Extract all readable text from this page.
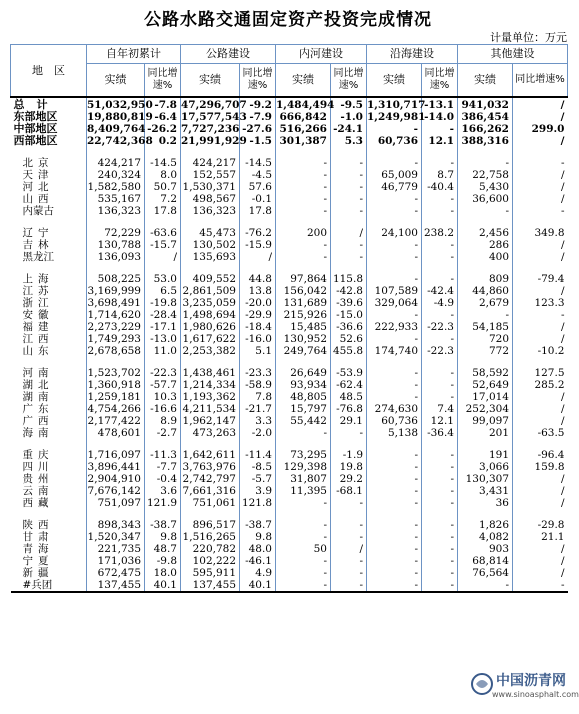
公路水路交通固定资产投资完成情况
计量单位：万元
地　区	自年初累计		公路建设		内河建设		沿海建设		其他建设	
	实绩	同比增速%	实绩	同比增速%	实绩	同比增速%	实绩	同比增速%	实绩	同比增速%
总计	51,032,950	-7.8	47,296,707	-9.2	1,484,494	-9.5	1,310,717	-13.1	941,032	/
东部地区	19,880,819	-6.4	17,577,543	-7.9	666,842	-1.0	1,249,981	-14.0	386,454	/
中部地区	8,409,764	-26.2	7,727,236	-27.6	516,266	-24.1	-	-	166,262	299.0
西部地区	22,742,368	0.2	21,991,929	-1.5	301,387	5.3	60,736	12.1	388,316	/

北京	424,217	-14.5	424,217	-14.5	-	-	-	-	-	-
天津	240,324	8.0	152,557	-4.5	-	-	65,009	8.7	22,758	/
河北	1,582,580	50.7	1,530,371	57.6	-	-	46,779	-40.4	5,430	/
山西	535,167	7.2	498,567	-0.1	-	-	-	-	36,600	/
内蒙古	136,323	17.8	136,323	17.8	-	-	-	-	-	-

辽宁	72,229	-63.6	45,473	-76.2	200	/	24,100	238.2	2,456	349.8
吉林	130,788	-15.7	130,502	-15.9	-	-	-	-	286	/
黑龙江	136,093	/	135,693	/	-	-	-	-	400	/

上海	508,225	53.0	409,552	44.8	97,864	115.8	-	-	809	-79.4
江苏	3,169,999	6.5	2,861,509	13.8	156,042	-42.8	107,589	-42.4	44,860	/
浙江	3,698,491	-19.8	3,235,059	-20.0	131,689	-39.6	329,064	-4.9	2,679	123.3
安徽	1,714,620	-28.4	1,498,694	-29.9	215,926	-15.0	-	-	-	-
福建	2,273,229	-17.1	1,980,626	-18.4	15,485	-36.6	222,933	-22.3	54,185	/
江西	1,749,293	-13.0	1,617,622	-16.0	130,952	52.6	-	-	720	/
山东	2,678,658	11.0	2,253,382	5.1	249,764	455.8	174,740	-22.3	772	-10.2

河南	1,523,702	-22.3	1,438,461	-23.3	26,649	-53.9	-	-	58,592	127.5
湖北	1,360,918	-57.7	1,214,334	-58.9	93,934	-62.4	-	-	52,649	285.2
湖南	1,259,181	10.3	1,193,362	7.8	48,805	48.5	-	-	17,014	/
广东	4,754,266	-16.6	4,211,534	-21.7	15,797	-76.8	274,630	7.4	252,304	/
广西	2,177,422	8.9	1,962,147	3.3	55,442	29.1	60,736	12.1	99,097	/
海南	478,601	-2.7	473,263	-2.0	-	-	5,138	-36.4	201	-63.5

重庆	1,716,097	-11.3	1,642,611	-11.4	73,295	-1.9	-	-	191	-96.4
四川	3,896,441	-7.7	3,763,976	-8.5	129,398	19.8	-	-	3,066	159.8
贵州	2,904,910	-0.4	2,742,797	-5.7	31,807	29.2	-	-	130,307	/
云南	7,676,142	3.6	7,661,316	3.9	11,395	-68.1	-	-	3,431	/
西藏	751,097	121.9	751,061	121.8	-	-	-	-	36	/

陕西	898,343	-38.7	896,517	-38.7	-	-	-	-	1,826	-29.8
甘肃	1,520,347	9.8	1,516,265	9.8	-	-	-	-	4,082	21.1
青海	221,735	48.7	220,782	48.0	50	/	-	-	903	/
宁夏	171,036	-9.8	102,222	-46.1	-	-	-	-	68,814	/
新疆	672,475	18.0	595,911	4.9	-	-	-	-	76,564	/
#兵团	137,455	40.1	137,455	40.1	-	-	-	-	-	-
中国沥青网
www.sinoasphalt.com
